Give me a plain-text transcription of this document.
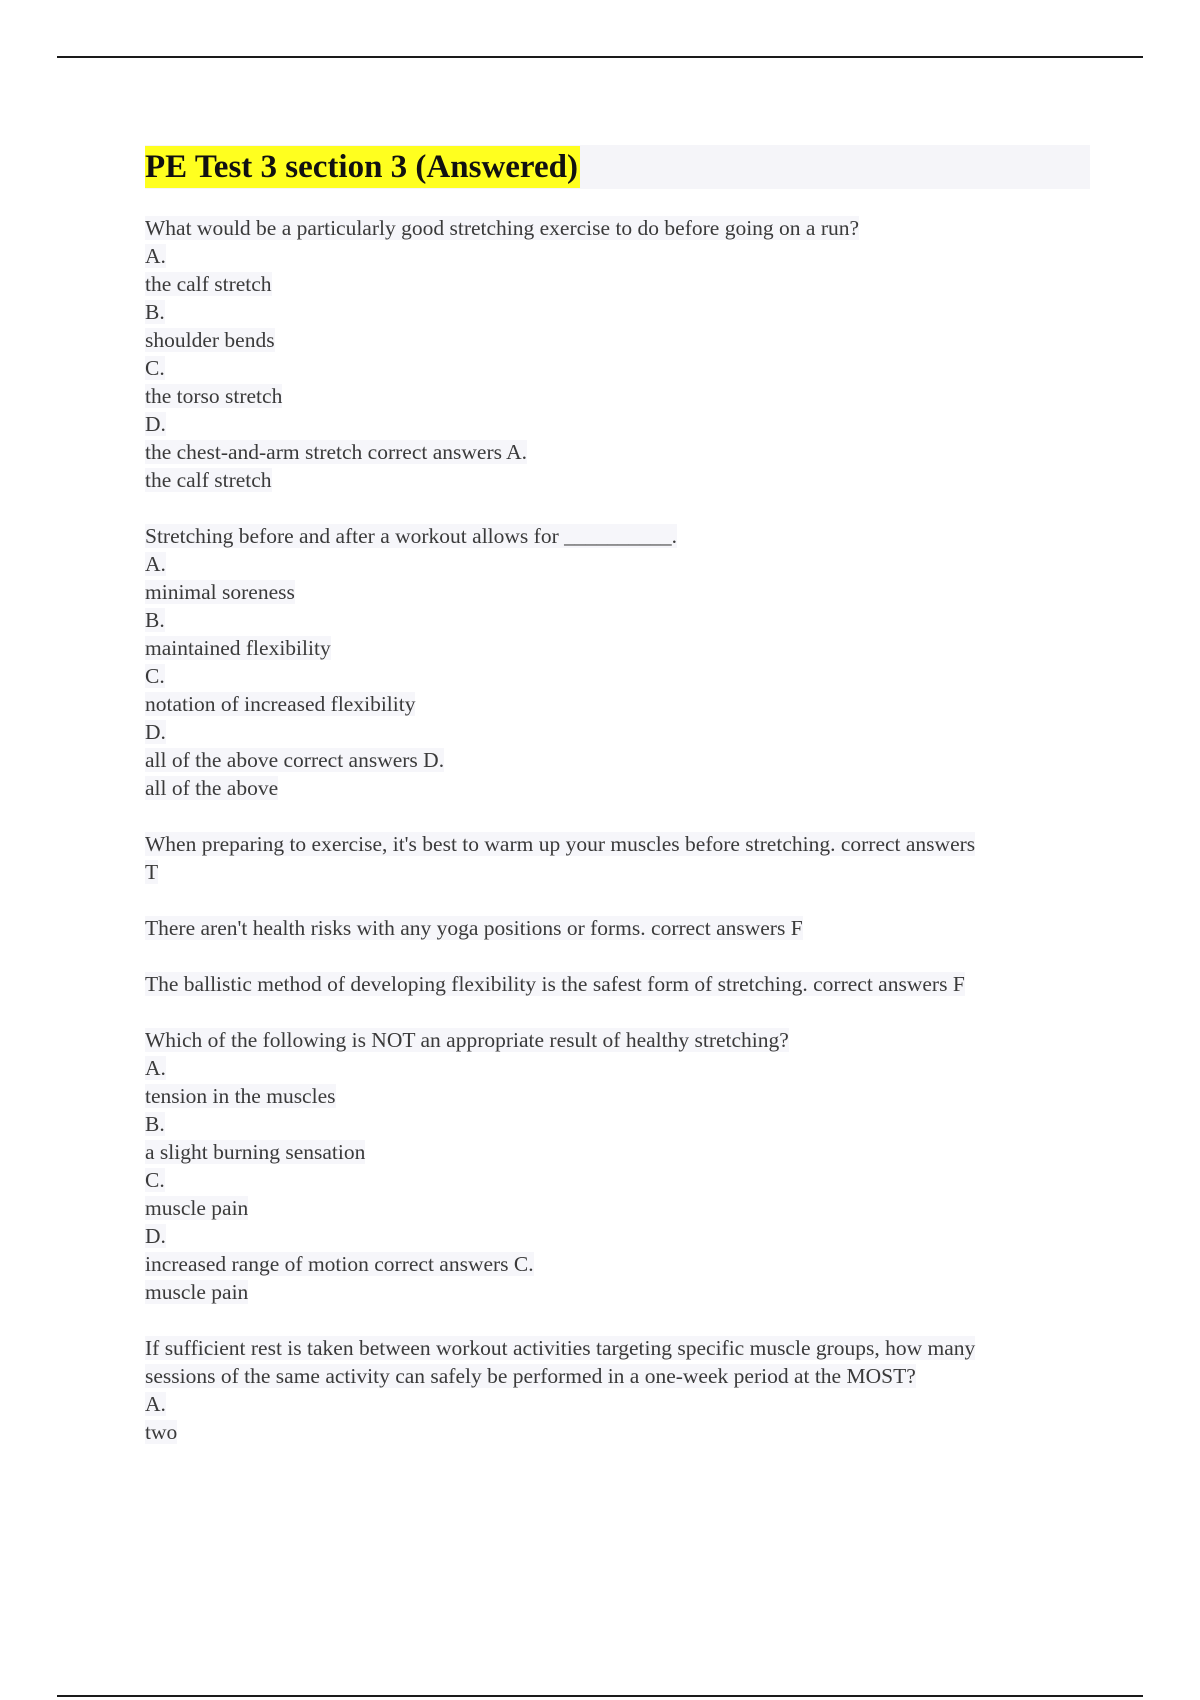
PE Test 3 section 3 (Answered)
What would be a particularly good stretching exercise to do before going on a run?
A.
the calf stretch
B.
shoulder bends
C.
the torso stretch
D.
the chest-and-arm stretch correct answers A.
the calf stretch
Stretching before and after a workout allows for __________.
A.
minimal soreness
B.
maintained flexibility
C.
notation of increased flexibility
D.
all of the above correct answers D.
all of the above
When preparing to exercise, it's best to warm up your muscles before stretching. correct answers
T
There aren't health risks with any yoga positions or forms. correct answers F
The ballistic method of developing flexibility is the safest form of stretching. correct answers F
Which of the following is NOT an appropriate result of healthy stretching?
A.
tension in the muscles
B.
a slight burning sensation
C.
muscle pain
D.
increased range of motion correct answers C.
muscle pain
If sufficient rest is taken between workout activities targeting specific muscle groups, how many
sessions of the same activity can safely be performed in a one-week period at the MOST?
A.
two
